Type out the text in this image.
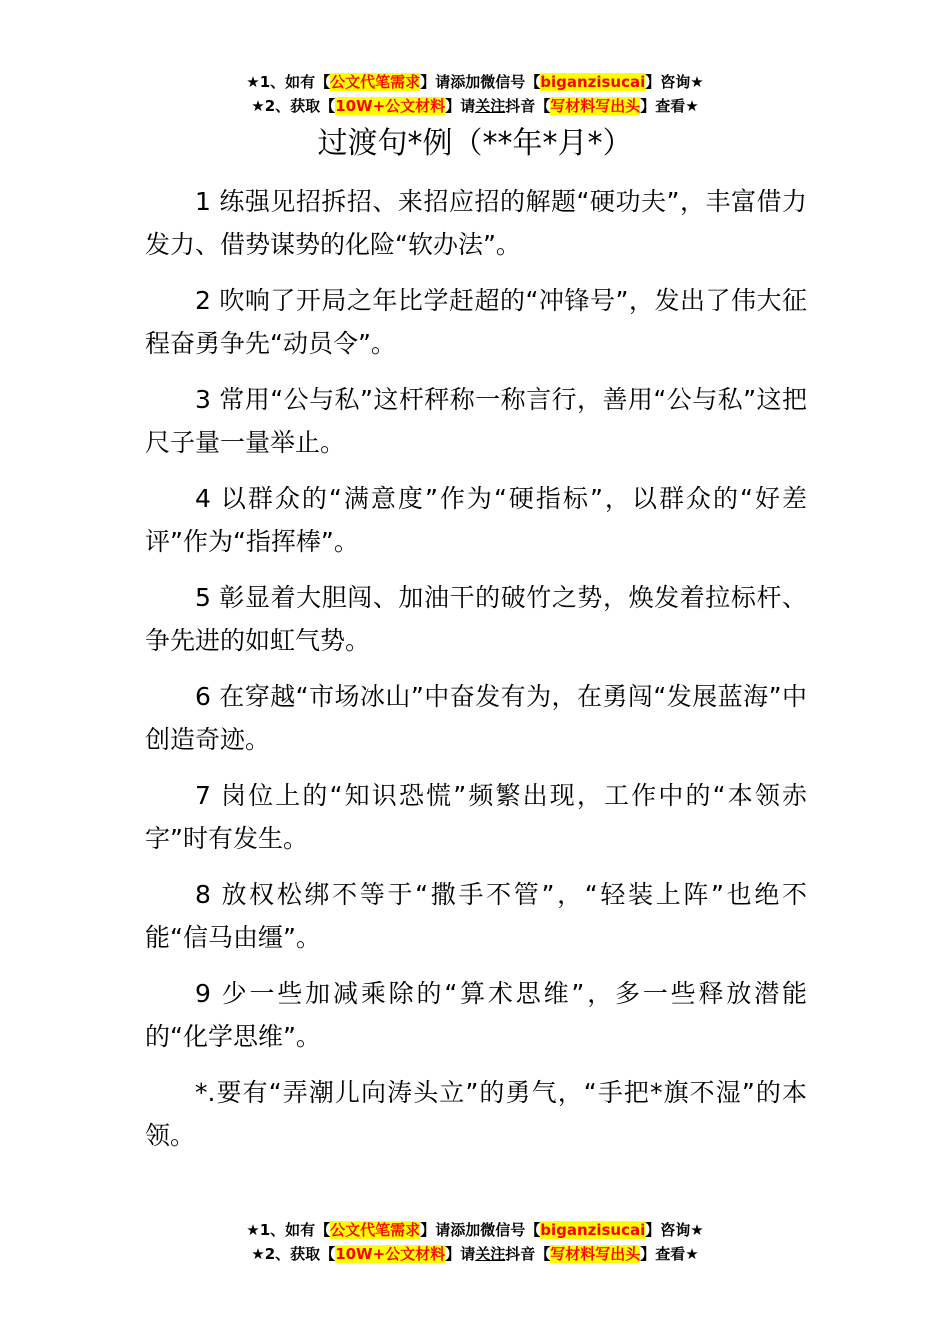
★1、如有【公文代笔需求】请添加微信号【biganzisucai】咨询★
★2、获取【10W+公文材料】请关注抖音【写材料写出头】查看★
过渡句*例（**年*月*）

1 练强见招拆招、来招应招的解题“硬功夫”，丰富借力发力、借势谋势的化险“软办法”。

2 吹响了开局之年比学赶超的“冲锋号”，发出了伟大征程奋勇争先“动员令”。

3 常用“公与私”这杆秤称一称言行，善用“公与私”这把尺子量一量举止。

4 以群众的“满意度”作为“硬指标”，以群众的“好差评”作为“指挥棒”。

5 彰显着大胆闯、加油干的破竹之势，焕发着拉标杆、争先进的如虹气势。

6 在穿越“市场冰山”中奋发有为，在勇闯“发展蓝海”中创造奇迹。

7 岗位上的“知识恐慌”频繁出现，工作中的“本领赤字”时有发生。

8 放权松绑不等于“撒手不管”，“轻装上阵”也绝不能“信马由缰”。

9 少一些加减乘除的“算术思维”，多一些释放潜能的“化学思维”。

*.要有“弄潮儿向涛头立”的勇气，“手把*旗不湿”的本领。

★1、如有【公文代笔需求】请添加微信号【biganzisucai】咨询★
★2、获取【10W+公文材料】请关注抖音【写材料写出头】查看★
